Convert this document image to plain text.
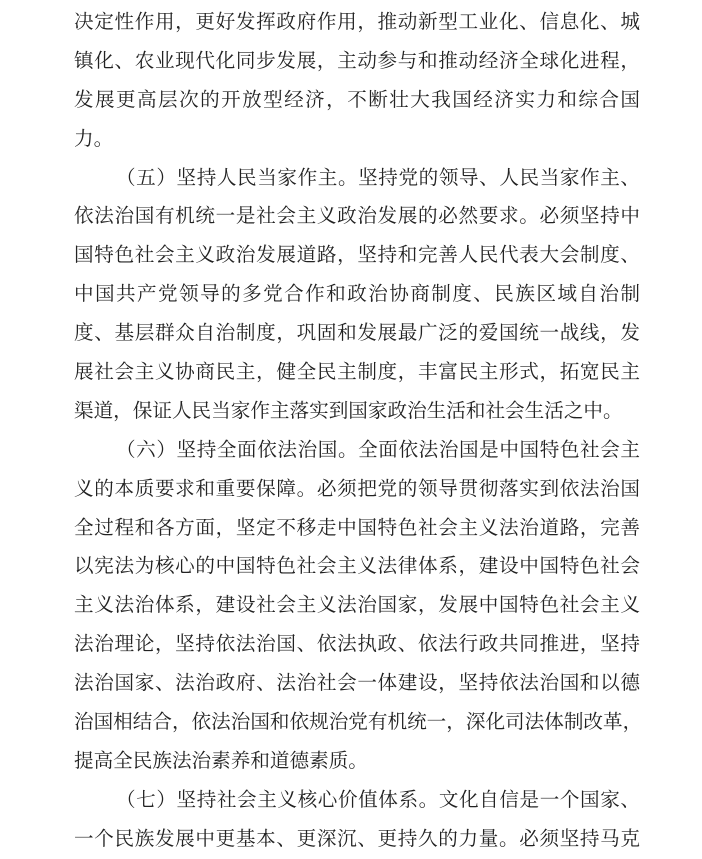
决定性作用，更好发挥政府作用，推动新型工业化、信息化、城
镇化、农业现代化同步发展，主动参与和推动经济全球化进程，
发展更高层次的开放型经济，不断壮大我国经济实力和综合国
力。
（五）坚持人民当家作主。坚持党的领导、人民当家作主、
依法治国有机统一是社会主义政治发展的必然要求。必须坚持中
国特色社会主义政治发展道路，坚持和完善人民代表大会制度、
中国共产党领导的多党合作和政治协商制度、民族区域自治制
度、基层群众自治制度，巩固和发展最广泛的爱国统一战线，发
展社会主义协商民主，健全民主制度，丰富民主形式，拓宽民主
渠道，保证人民当家作主落实到国家政治生活和社会生活之中。
（六）坚持全面依法治国。全面依法治国是中国特色社会主
义的本质要求和重要保障。必须把党的领导贯彻落实到依法治国
全过程和各方面，坚定不移走中国特色社会主义法治道路，完善
以宪法为核心的中国特色社会主义法律体系，建设中国特色社会
主义法治体系，建设社会主义法治国家，发展中国特色社会主义
法治理论，坚持依法治国、依法执政、依法行政共同推进，坚持
法治国家、法治政府、法治社会一体建设，坚持依法治国和以德
治国相结合，依法治国和依规治党有机统一，深化司法体制改革，
提高全民族法治素养和道德素质。
（七）坚持社会主义核心价值体系。文化自信是一个国家、
一个民族发展中更基本、更深沉、更持久的力量。必须坚持马克
